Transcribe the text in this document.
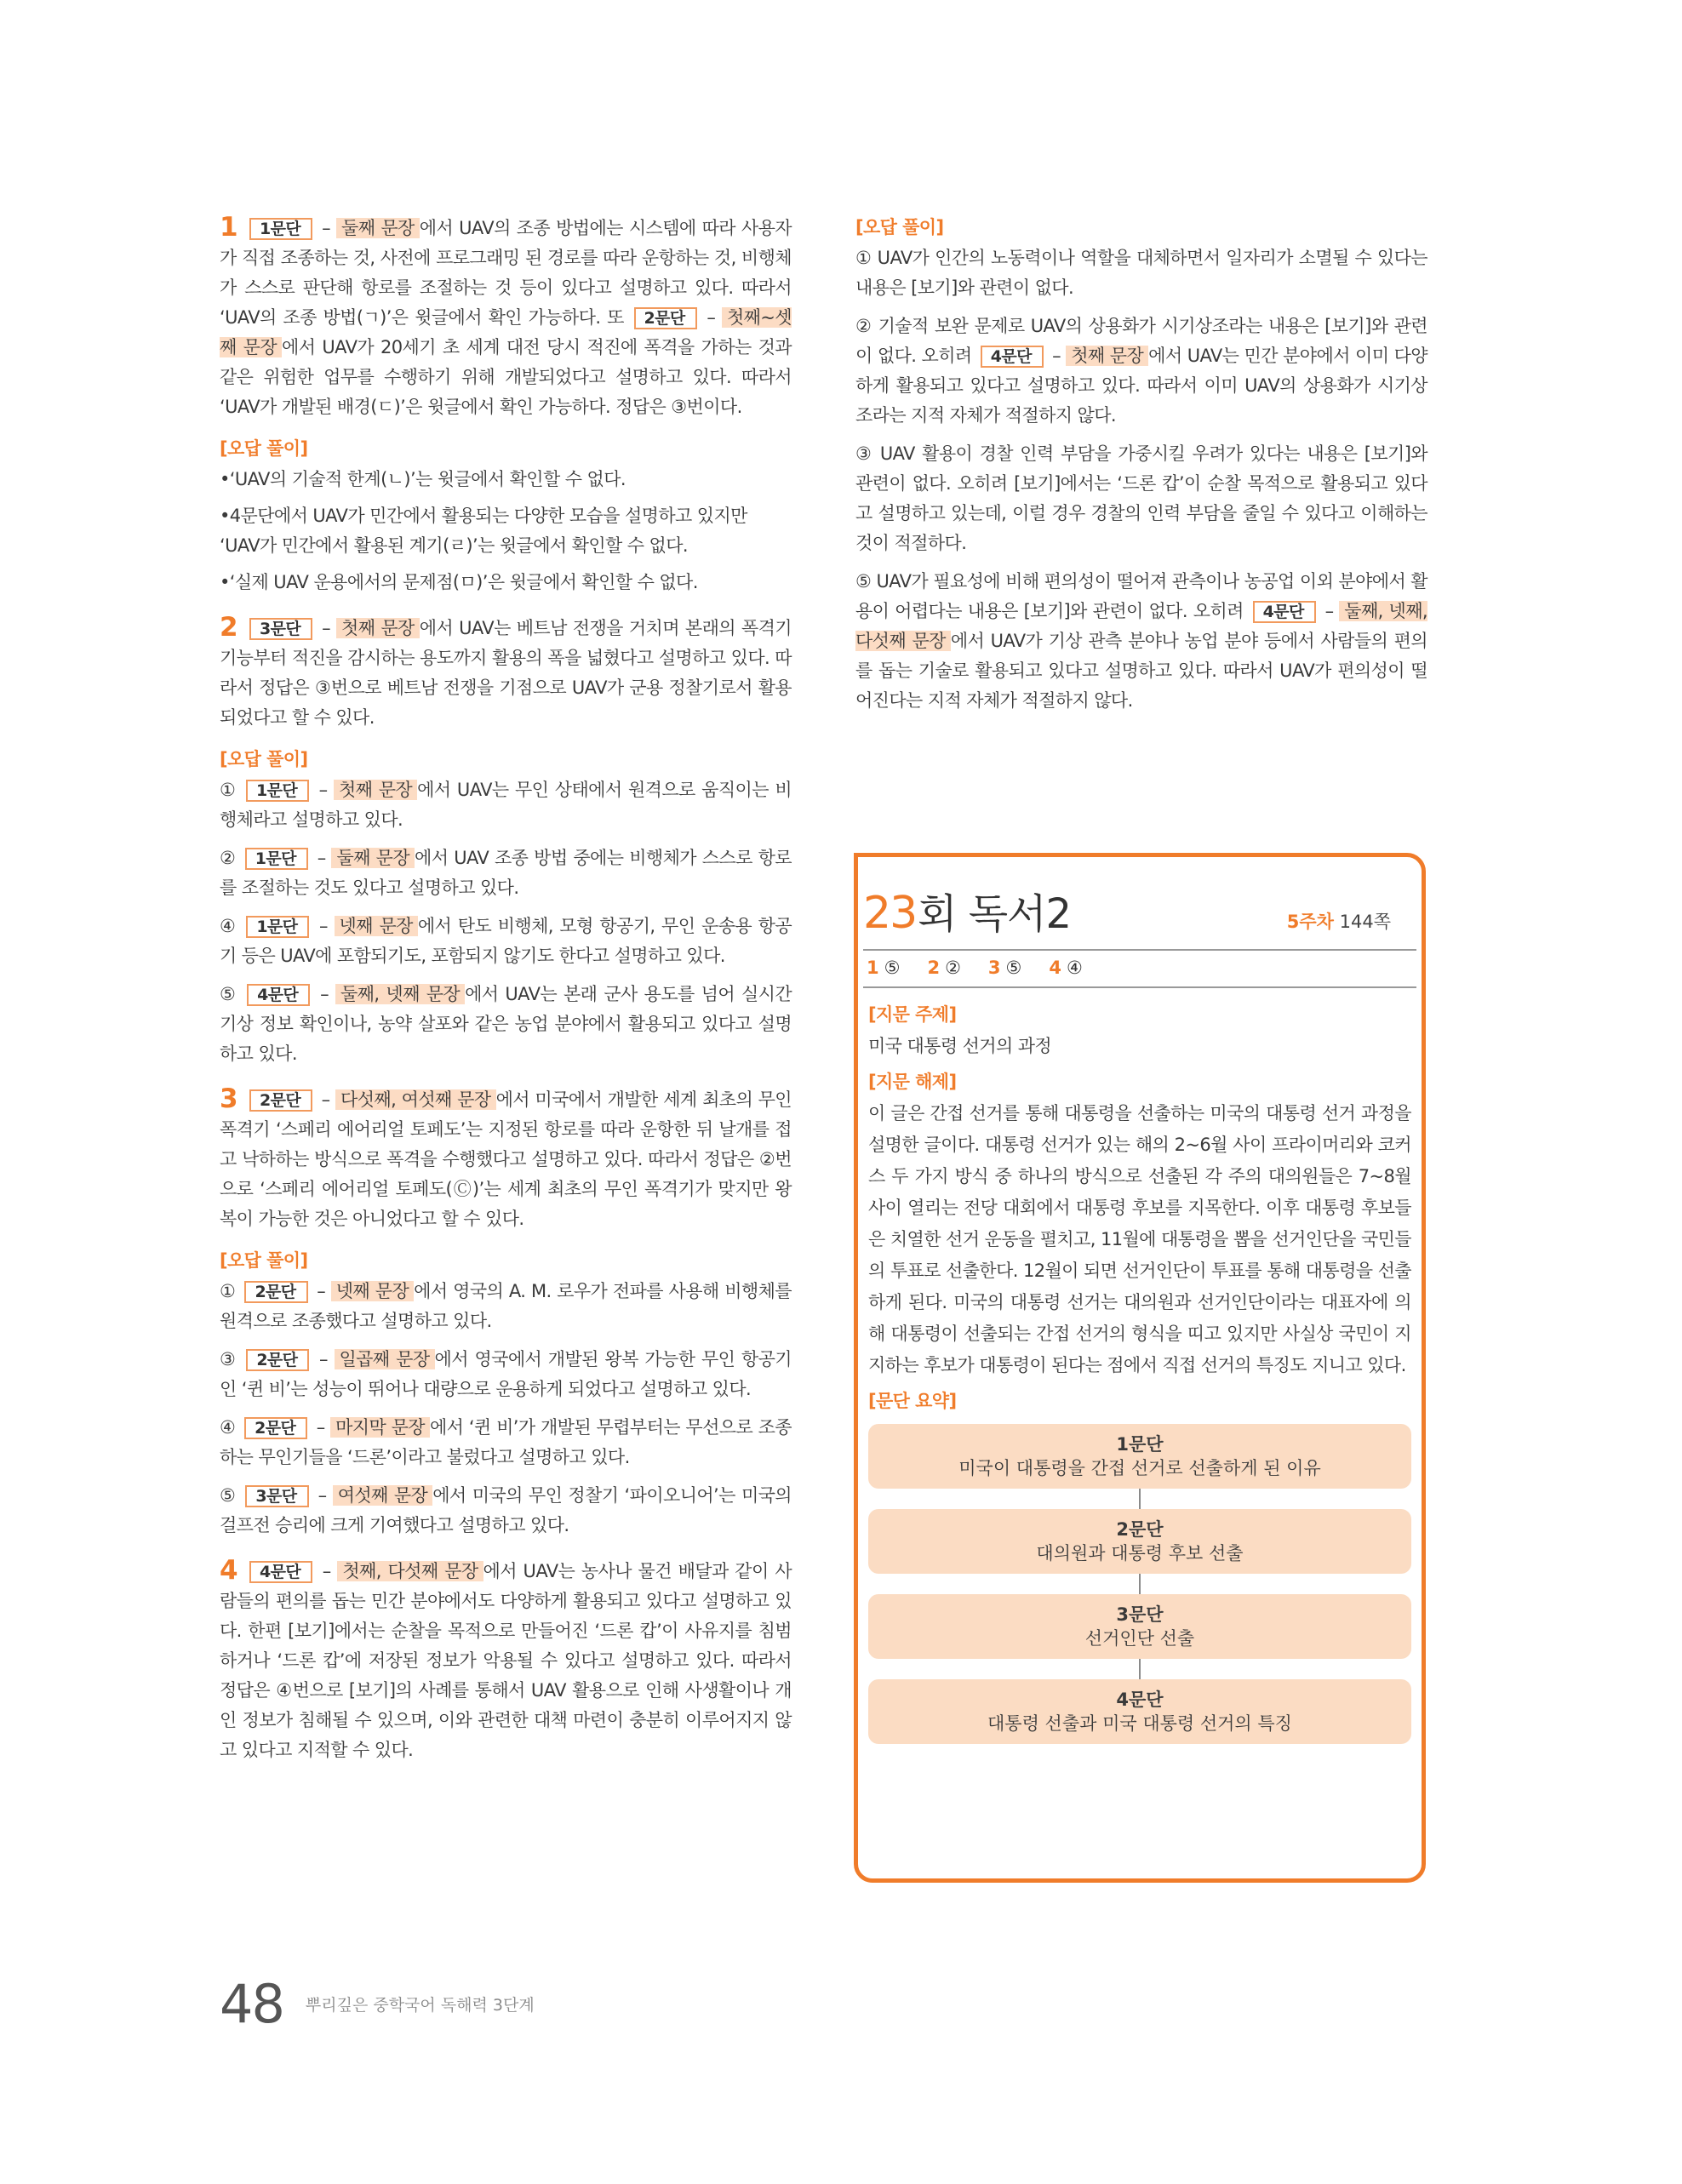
1 1문단 – 둘째 문장 에서 UAV의 조종 방법에는 시스템에 따라 사용자가 직접 조종하는 것, 사전에 프로그래밍 된 경로를 따라 운항하는 것, 비행체가 스스로 판단해 항로를 조절하는 것 등이 있다고 설명하고 있다. 따라서 ‘UAV의 조종 방법(ㄱ)’은 윗글에서 확인 가능하다. 또 2문단 – 첫째~셋째 문장 에서 UAV가 20세기 초 세계 대전 당시 적진에 폭격을 가하는 것과 같은 위험한 업무를 수행하기 위해 개발되었다고 설명하고 있다. 따라서 ‘UAV가 개발된 배경(ㄷ)’은 윗글에서 확인 가능하다. 정답은 ③번이다.
[오답 풀이]
•‘UAV의 기술적 한계(ㄴ)’는 윗글에서 확인할 수 없다.
•4문단에서 UAV가 민간에서 활용되는 다양한 모습을 설명하고 있지만 ‘UAV가 민간에서 활용된 계기(ㄹ)’는 윗글에서 확인할 수 없다.
•‘실제 UAV 운용에서의 문제점(ㅁ)’은 윗글에서 확인할 수 없다.
2 3문단 – 첫째 문장 에서 UAV는 베트남 전쟁을 거치며 본래의 폭격기 기능부터 적진을 감시하는 용도까지 활용의 폭을 넓혔다고 설명하고 있다. 따라서 정답은 ③번으로 베트남 전쟁을 기점으로 UAV가 군용 정찰기로서 활용되었다고 할 수 있다.
[오답 풀이]
① 1문단 – 첫째 문장 에서 UAV는 무인 상태에서 원격으로 움직이는 비행체라고 설명하고 있다.
② 1문단 – 둘째 문장 에서 UAV 조종 방법 중에는 비행체가 스스로 항로를 조절하는 것도 있다고 설명하고 있다.
④ 1문단 – 넷째 문장 에서 탄도 비행체, 모형 항공기, 무인 운송용 항공기 등은 UAV에 포함되기도, 포함되지 않기도 한다고 설명하고 있다.
⑤ 4문단 – 둘째, 넷째 문장 에서 UAV는 본래 군사 용도를 넘어 실시간 기상 정보 확인이나, 농약 살포와 같은 농업 분야에서 활용되고 있다고 설명하고 있다.
3 2문단 – 다섯째, 여섯째 문장 에서 미국에서 개발한 세계 최초의 무인 폭격기 ‘스페리 에어리얼 토페도’는 지정된 항로를 따라 운항한 뒤 날개를 접고 낙하하는 방식으로 폭격을 수행했다고 설명하고 있다. 따라서 정답은 ②번으로 ‘스페리 에어리얼 토페도(Ⓒ)’는 세계 최초의 무인 폭격기가 맞지만 왕복이 가능한 것은 아니었다고 할 수 있다.
[오답 풀이]
① 2문단 – 넷째 문장 에서 영국의 A. M. 로우가 전파를 사용해 비행체를 원격으로 조종했다고 설명하고 있다.
③ 2문단 – 일곱째 문장 에서 영국에서 개발된 왕복 가능한 무인 항공기인 ‘퀸 비’는 성능이 뛰어나 대량으로 운용하게 되었다고 설명하고 있다.
④ 2문단 – 마지막 문장 에서 ‘퀸 비’가 개발된 무렵부터는 무선으로 조종하는 무인기들을 ‘드론’이라고 불렀다고 설명하고 있다.
⑤ 3문단 – 여섯째 문장 에서 미국의 무인 정찰기 ‘파이오니어’는 미국의 걸프전 승리에 크게 기여했다고 설명하고 있다.
4 4문단 – 첫째, 다섯째 문장 에서 UAV는 농사나 물건 배달과 같이 사람들의 편의를 돕는 민간 분야에서도 다양하게 활용되고 있다고 설명하고 있다. 한편 [보기]에서는 순찰을 목적으로 만들어진 ‘드론 캅’이 사유지를 침범하거나 ‘드론 캅’에 저장된 정보가 악용될 수 있다고 설명하고 있다. 따라서 정답은 ④번으로 [보기]의 사례를 통해서 UAV 활용으로 인해 사생활이나 개인 정보가 침해될 수 있으며, 이와 관련한 대책 마련이 충분히 이루어지지 않고 있다고 지적할 수 있다.
[오답 풀이]
① UAV가 인간의 노동력이나 역할을 대체하면서 일자리가 소멸될 수 있다는 내용은 [보기]와 관련이 없다.
② 기술적 보완 문제로 UAV의 상용화가 시기상조라는 내용은 [보기]와 관련이 없다. 오히려 4문단 – 첫째 문장 에서 UAV는 민간 분야에서 이미 다양하게 활용되고 있다고 설명하고 있다. 따라서 이미 UAV의 상용화가 시기상조라는 지적 자체가 적절하지 않다.
③ UAV 활용이 경찰 인력 부담을 가중시킬 우려가 있다는 내용은 [보기]와 관련이 없다. 오히려 [보기]에서는 ‘드론 캅’이 순찰 목적으로 활용되고 있다고 설명하고 있는데, 이럴 경우 경찰의 인력 부담을 줄일 수 있다고 이해하는 것이 적절하다.
⑤ UAV가 필요성에 비해 편의성이 떨어져 관측이나 농공업 이외 분야에서 활용이 어렵다는 내용은 [보기]와 관련이 없다. 오히려 4문단 – 둘째, 넷째, 다섯째 문장 에서 UAV가 기상 관측 분야나 농업 분야 등에서 사람들의 편의를 돕는 기술로 활용되고 있다고 설명하고 있다. 따라서 UAV가 편의성이 떨어진다는 지적 자체가 적절하지 않다.
23 회 독서2	5주차 144쪽
1 ⑤ 2 ② 3 ⑤ 4 ④
[지문 주제]
미국 대통령 선거의 과정
[지문 해제]
이 글은 간접 선거를 통해 대통령을 선출하는 미국의 대통령 선거 과정을 설명한 글이다. 대통령 선거가 있는 해의 2~6월 사이 프라이머리와 코커스 두 가지 방식 중 하나의 방식으로 선출된 각 주의 대의원들은 7~8월 사이 열리는 전당 대회에서 대통령 후보를 지목한다. 이후 대통령 후보들은 치열한 선거 운동을 펼치고, 11월에 대통령을 뽑을 선거인단을 국민들의 투표로 선출한다. 12월이 되면 선거인단이 투표를 통해 대통령을 선출하게 된다. 미국의 대통령 선거는 대의원과 선거인단이라는 대표자에 의해 대통령이 선출되는 간접 선거의 형식을 띠고 있지만 사실상 국민이 지지하는 후보가 대통령이 된다는 점에서 직접 선거의 특징도 지니고 있다.
[문단 요약]
1문단
미국이 대통령을 간접 선거로 선출하게 된 이유
2문단
대의원과 대통령 후보 선출
3문단
선거인단 선출
4문단
대통령 선출과 미국 대통령 선거의 특징
48 뿌리깊은 중학국어 독해력 3단계
